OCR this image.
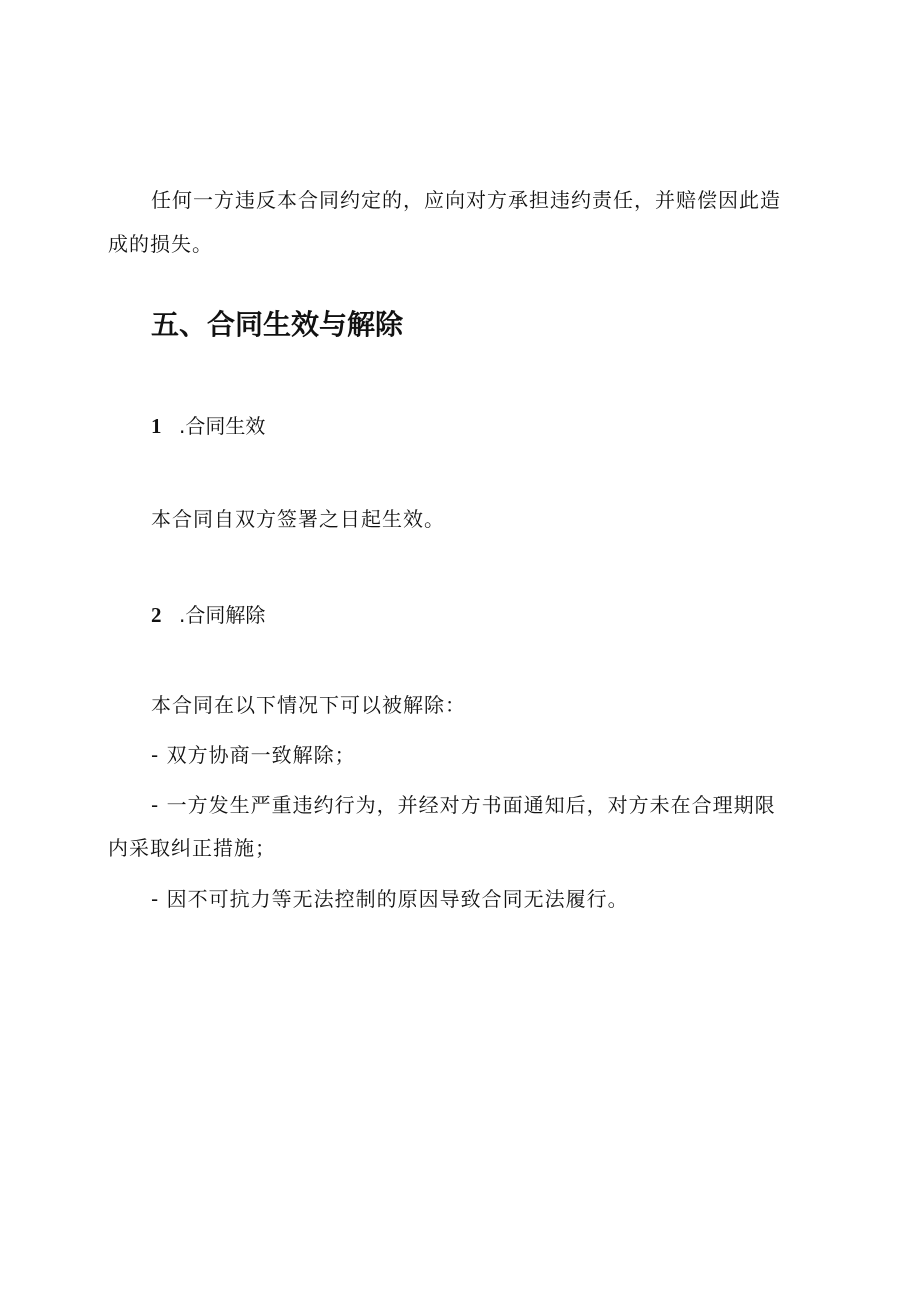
任何一方违反本合同约定的，应向对方承担违约责任，并赔偿因此造

成的损失。

五、合同生效与解除
1 .合同生效

本合同自双方签署之日起生效。

2 .合同解除

本合同在以下情况下可以被解除：

- 双方协商一致解除；

- 一方发生严重违约行为，并经对方书面通知后，对方未在合理期限

内采取纠正措施；

- 因不可抗力等无法控制的原因导致合同无法履行。
